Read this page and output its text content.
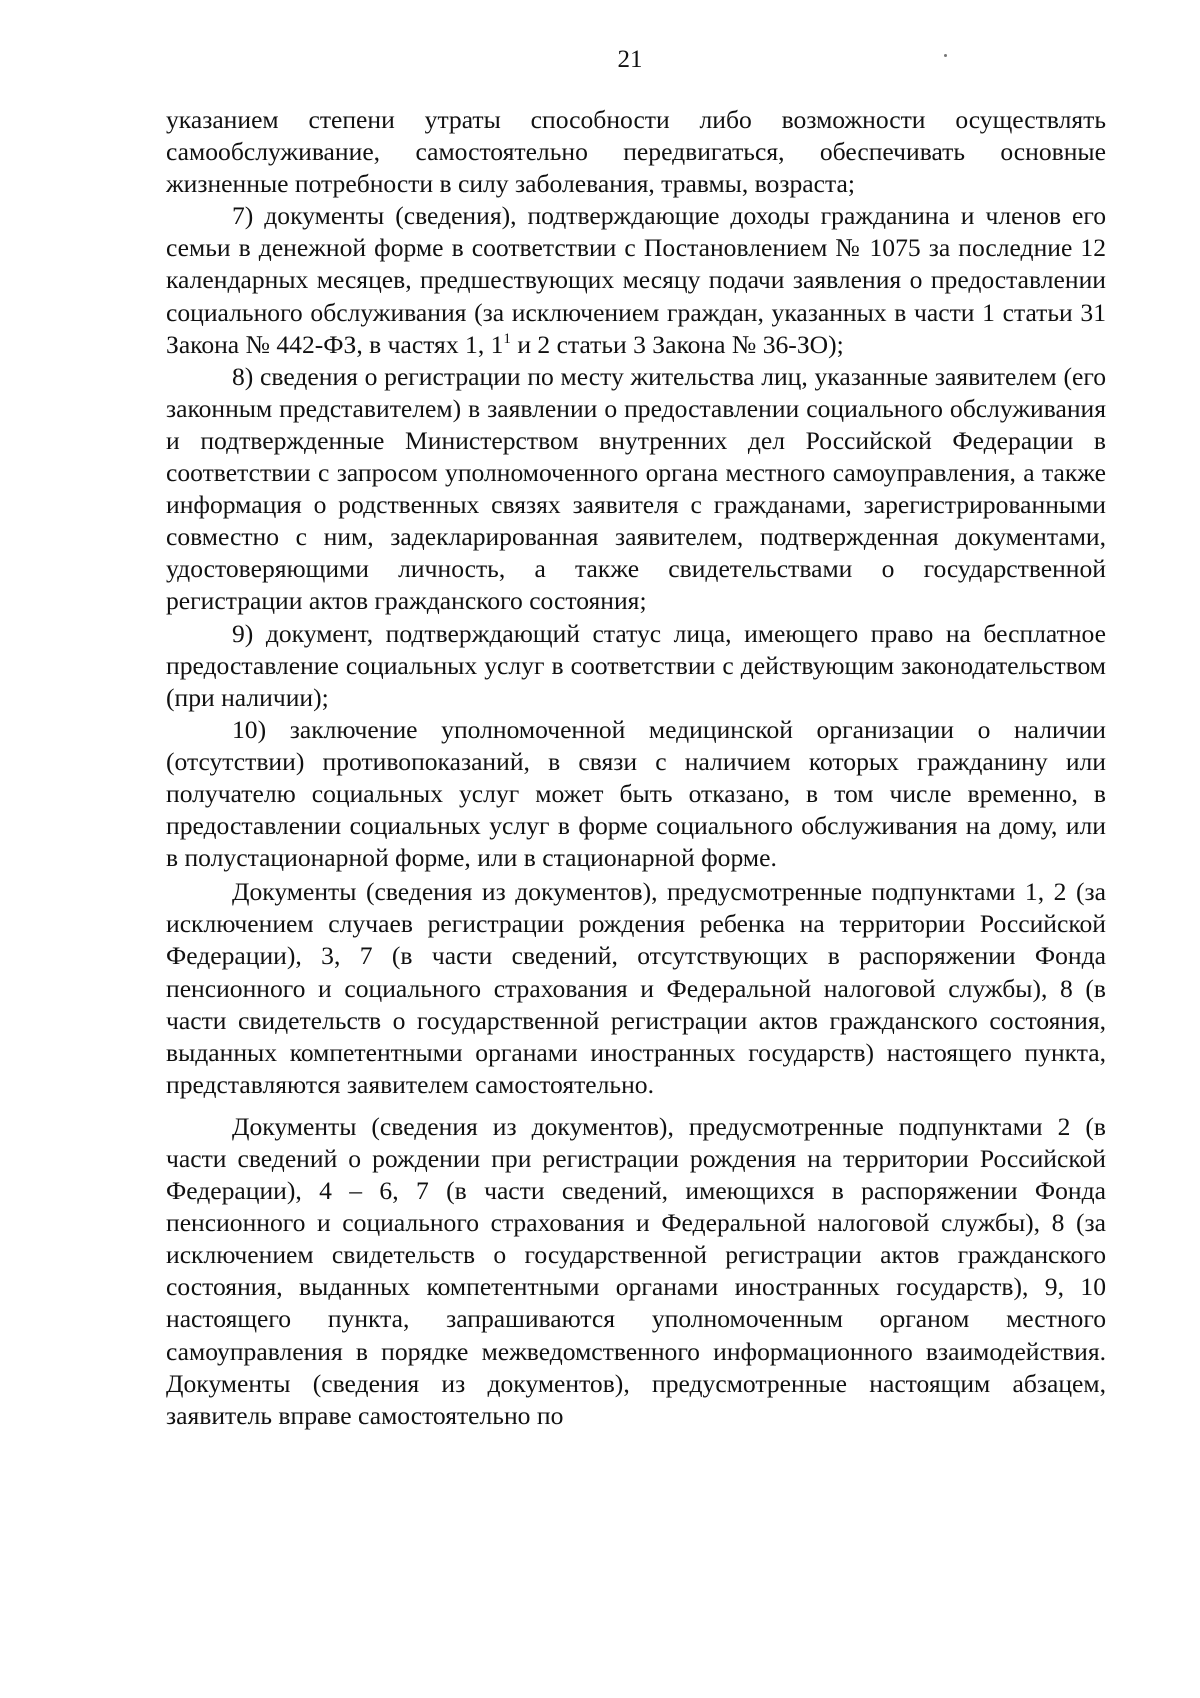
21

указанием степени утраты способности либо возможности осуществлять самообслуживание, самостоятельно передвигаться, обеспечивать основные жизненные потребности в силу заболевания, травмы, возраста;

7) документы (сведения), подтверждающие доходы гражданина и членов его семьи в денежной форме в соответствии с Постановлением № 1075 за последние 12 календарных месяцев, предшествующих месяцу подачи заявления о предоставлении социального обслуживания (за исключением граждан, указанных в части 1 статьи 31 Закона № 442-ФЗ, в частях 1, $1^1$ и 2 статьи 3 Закона № 36-ЗО);

8) сведения о регистрации по месту жительства лиц, указанные заявителем (его законным представителем) в заявлении о предоставлении социального обслуживания и подтвержденные Министерством внутренних дел Российской Федерации в соответствии с запросом уполномоченного органа местного самоуправления, а также информация о родственных связях заявителя с гражданами, зарегистрированными совместно с ним, задекларированная заявителем, подтвержденная документами, удостоверяющими личность, а также свидетельствами о государственной регистрации актов гражданского состояния;

9) документ, подтверждающий статус лица, имеющего право на бесплатное предоставление социальных услуг в соответствии с действующим законодательством (при наличии);

10) заключение уполномоченной медицинской организации о наличии (отсутствии) противопоказаний, в связи с наличием которых гражданину или получателю социальных услуг может быть отказано, в том числе временно, в предоставлении социальных услуг в форме социального обслуживания на дому, или в полустационарной форме, или в стационарной форме.

Документы (сведения из документов), предусмотренные подпунктами 1, 2 (за исключением случаев регистрации рождения ребенка на территории Российской Федерации), 3, 7 (в части сведений, отсутствующих в распоряжении Фонда пенсионного и социального страхования и Федеральной налоговой службы), 8 (в части свидетельств о государственной регистрации актов гражданского состояния, выданных компетентными органами иностранных государств) настоящего пункта, представляются заявителем самостоятельно.

Документы (сведения из документов), предусмотренные подпунктами 2 (в части сведений о рождении при регистрации рождения на территории Российской Федерации), 4 – 6, 7 (в части сведений, имеющихся в распоряжении Фонда пенсионного и социального страхования и Федеральной налоговой службы), 8 (за исключением свидетельств о государственной регистрации актов гражданского состояния, выданных компетентными органами иностранных государств), 9, 10 настоящего пункта, запрашиваются уполномоченным органом местного самоуправления в порядке межведомственного информационного взаимодействия. Документы (сведения из документов), предусмотренные настоящим абзацем, заявитель вправе самостоятельно по
